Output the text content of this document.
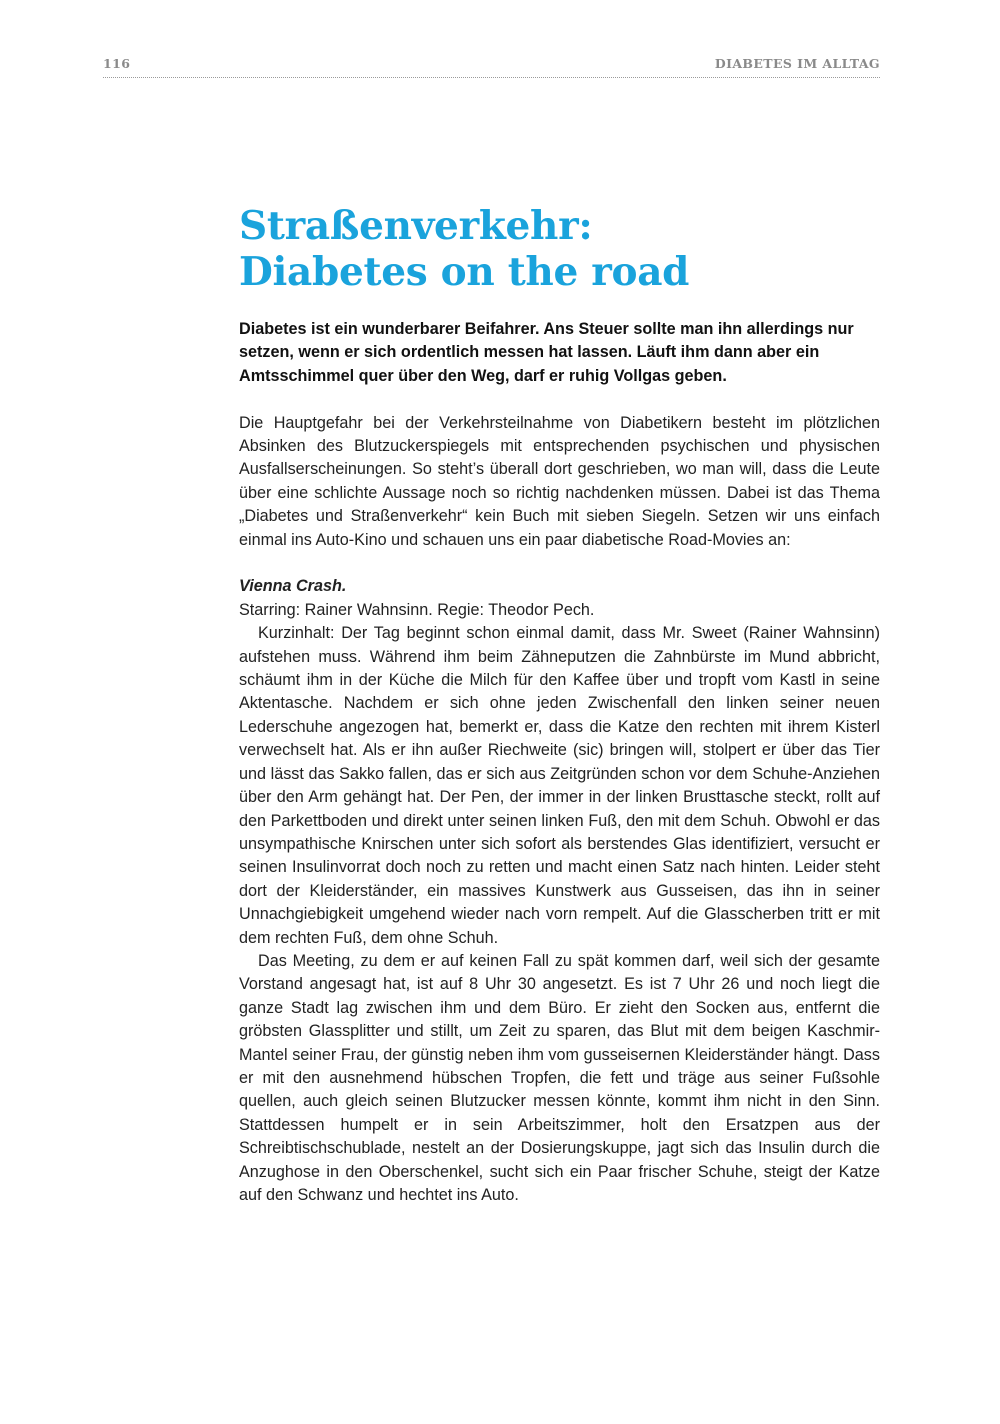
116	DIABETES IM ALLTAG
Straßenverkehr:
Diabetes on the road

Diabetes ist ein wunderbarer Beifahrer. Ans Steuer sollte man ihn allerdings nur setzen, wenn er sich ordentlich messen hat lassen. Läuft ihm dann aber ein Amtsschimmel quer über den Weg, darf er ruhig Vollgas geben.

Die Hauptgefahr bei der Verkehrsteilnahme von Diabetikern besteht im plötzlichen Absinken des Blutzuckerspiegels mit entsprechenden psychischen und physischen Ausfallserscheinungen. So steht’s überall dort geschrieben, wo man will, dass die Leute über eine schlichte Aussage noch so richtig nachdenken müssen. Dabei ist das Thema „Diabetes und Straßenverkehr“ kein Buch mit sieben Siegeln. Setzen wir uns einfach einmal ins Auto-Kino und schauen uns ein paar diabetische Road-Movies an:

Vienna Crash.

Starring: Rainer Wahnsinn. Regie: Theodor Pech.

Kurzinhalt: Der Tag beginnt schon einmal damit, dass Mr. Sweet (Rainer Wahnsinn) aufstehen muss. Während ihm beim Zähneputzen die Zahnbürste im Mund abbricht, schäumt ihm in der Küche die Milch für den Kaffee über und tropft vom Kastl in seine Aktentasche. Nachdem er sich ohne jeden Zwischenfall den linken seiner neuen Lederschuhe angezogen hat, bemerkt er, dass die Katze den rechten mit ihrem Kisterl verwechselt hat. Als er ihn außer Riechweite (sic) bringen will, stolpert er über das Tier und lässt das Sakko fallen, das er sich aus Zeitgründen schon vor dem Schuhe-Anziehen über den Arm gehängt hat. Der Pen, der immer in der linken Brusttasche steckt, rollt auf den Parkettboden und direkt unter seinen linken Fuß, den mit dem Schuh. Obwohl er das unsympathische Knirschen unter sich sofort als berstendes Glas identifiziert, versucht er seinen Insulinvorrat doch noch zu retten und macht einen Satz nach hinten. Leider steht dort der Kleiderständer, ein massives Kunstwerk aus Gusseisen, das ihn in seiner Unnachgiebigkeit umgehend wieder nach vorn rempelt. Auf die Glasscherben tritt er mit dem rechten Fuß, dem ohne Schuh.

Das Meeting, zu dem er auf keinen Fall zu spät kommen darf, weil sich der gesamte Vorstand angesagt hat, ist auf 8 Uhr 30 angesetzt. Es ist 7 Uhr 26 und noch liegt die ganze Stadt lag zwischen ihm und dem Büro. Er zieht den Socken aus, entfernt die gröbsten Glassplitter und stillt, um Zeit zu sparen, das Blut mit dem beigen Kaschmir-Mantel seiner Frau, der günstig neben ihm vom gusseisernen Kleiderständer hängt. Dass er mit den ausnehmend hübschen Tropfen, die fett und träge aus seiner Fußsohle quellen, auch gleich seinen Blutzucker messen könnte, kommt ihm nicht in den Sinn. Stattdessen humpelt er in sein Arbeitszimmer, holt den Ersatzpen aus der Schreibtischschublade, nestelt an der Dosierungskuppe, jagt sich das Insulin durch die Anzughose in den Oberschenkel, sucht sich ein Paar frischer Schuhe, steigt der Katze auf den Schwanz und hechtet ins Auto.
